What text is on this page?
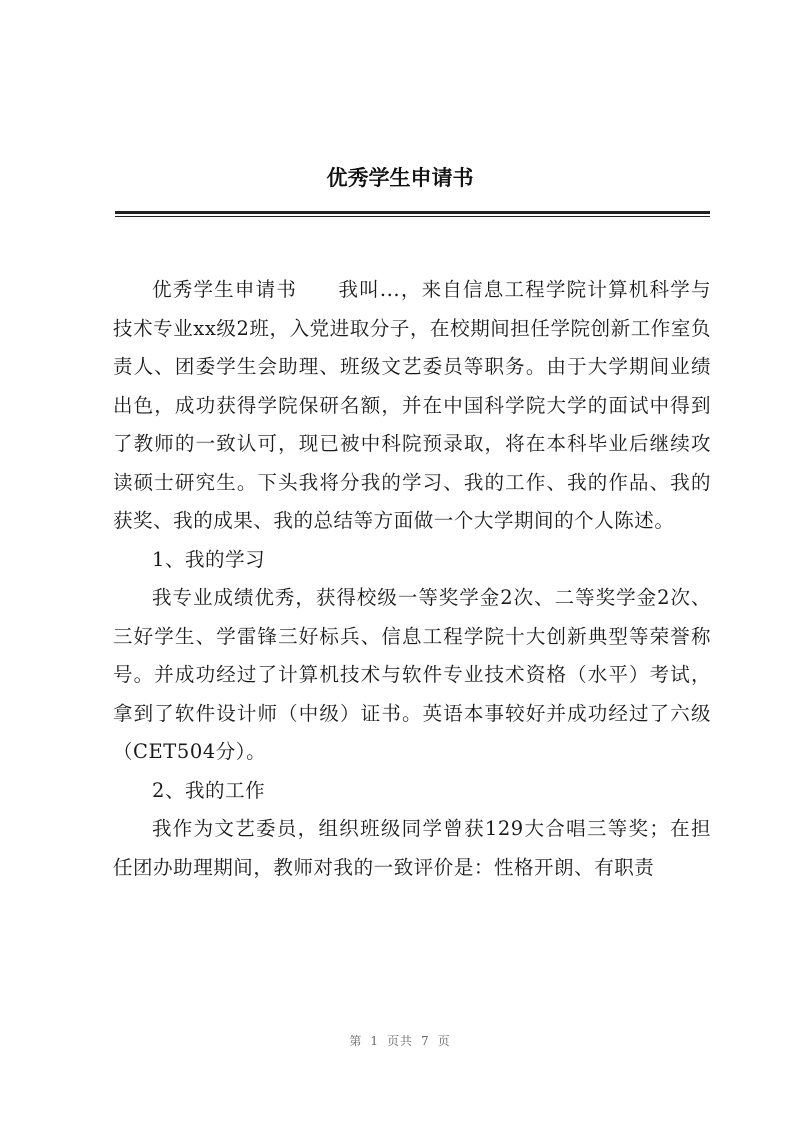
优秀学生申请书

优秀学生申请书　　我叫...，来自信息工程学院计算机科学与技术专业xx级2班，入党进取分子，在校期间担任学院创新工作室负责人、团委学生会助理、班级文艺委员等职务。由于大学期间业绩出色，成功获得学院保研名额，并在中国科学院大学的面试中得到了教师的一致认可，现已被中科院预录取，将在本科毕业后继续攻读硕士研究生。下头我将分我的学习、我的工作、我的作品、我的获奖、我的成果、我的总结等方面做一个大学期间的个人陈述。

1、我的学习

我专业成绩优秀，获得校级一等奖学金2次、二等奖学金2次、三好学生、学雷锋三好标兵、信息工程学院十大创新典型等荣誉称号。并成功经过了计算机技术与软件专业技术资格（水平）考试，拿到了软件设计师（中级）证书。英语本事较好并成功经过了六级（CET504分）。

2、我的工作

我作为文艺委员，组织班级同学曾获129大合唱三等奖；在担任团办助理期间，教师对我的一致评价是：性格开朗、有职责

第 1 页共 7 页
